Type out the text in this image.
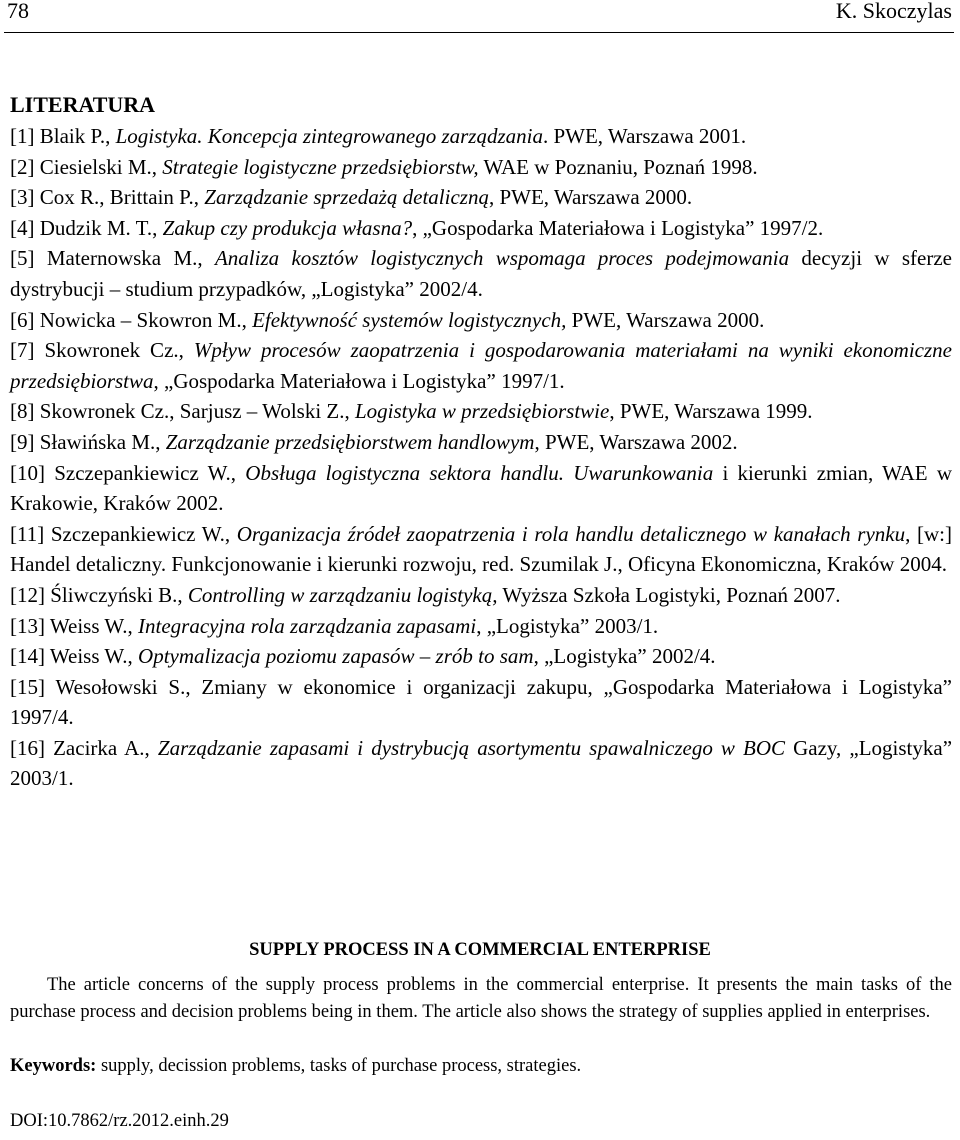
78	K. Skoczylas
LITERATURA
[1] Blaik P., Logistyka. Koncepcja zintegrowanego zarządzania. PWE, Warszawa 2001.
[2] Ciesielski M., Strategie logistyczne przedsiębiorstw, WAE w Poznaniu, Poznań 1998.
[3] Cox R., Brittain P., Zarządzanie sprzedażą detaliczną, PWE, Warszawa 2000.
[4] Dudzik M. T., Zakup czy produkcja własna?, „Gospodarka Materiałowa i Logistyka” 1997/2.
[5] Maternowska M., Analiza kosztów logistycznych wspomaga proces podejmowania decyzji w sferze dystrybucji – studium przypadków, „Logistyka” 2002/4.
[6] Nowicka – Skowron M., Efektywność systemów logistycznych, PWE, Warszawa 2000.
[7] Skowronek Cz., Wpływ procesów zaopatrzenia i gospodarowania materiałami na wyniki ekonomiczne przedsiębiorstwa, „Gospodarka Materiałowa i Logistyka” 1997/1.
[8] Skowronek Cz., Sarjusz – Wolski Z., Logistyka w przedsiębiorstwie, PWE, Warszawa 1999.
[9] Sławińska M., Zarządzanie przedsiębiorstwem handlowym, PWE, Warszawa 2002.
[10] Szczepankiewicz W., Obsługa logistyczna sektora handlu. Uwarunkowania i kierunki zmian, WAE w Krakowie, Kraków 2002.
[11] Szczepankiewicz W., Organizacja źródeł zaopatrzenia i rola handlu detalicznego w kanałach rynku, [w:] Handel detaliczny. Funkcjonowanie i kierunki rozwoju, red. Szumilak J., Oficyna Ekonomiczna, Kraków 2004.
[12] Śliwczyński B., Controlling w zarządzaniu logistyką, Wyższa Szkoła Logistyki, Poznań 2007.
[13] Weiss W., Integracyjna rola zarządzania zapasami, „Logistyka” 2003/1.
[14] Weiss W., Optymalizacja poziomu zapasów – zrób to sam, „Logistyka” 2002/4.
[15] Wesołowski S., Zmiany w ekonomice i organizacji zakupu, „Gospodarka Materiałowa i Logistyka” 1997/4.
[16] Zacirka A., Zarządzanie zapasami i dystrybucją asortymentu spawalniczego w BOC Gazy, „Logistyka” 2003/1.
SUPPLY PROCESS IN A COMMERCIAL ENTERPRISE

The article concerns of the supply process problems in the commercial enterprise. It presents the main tasks of the purchase process and decision problems being in them. The article also shows the strategy of supplies applied in enterprises.

Keywords: supply, decission problems, tasks of purchase process, strategies.

DOI:10.7862/rz.2012.einh.29
